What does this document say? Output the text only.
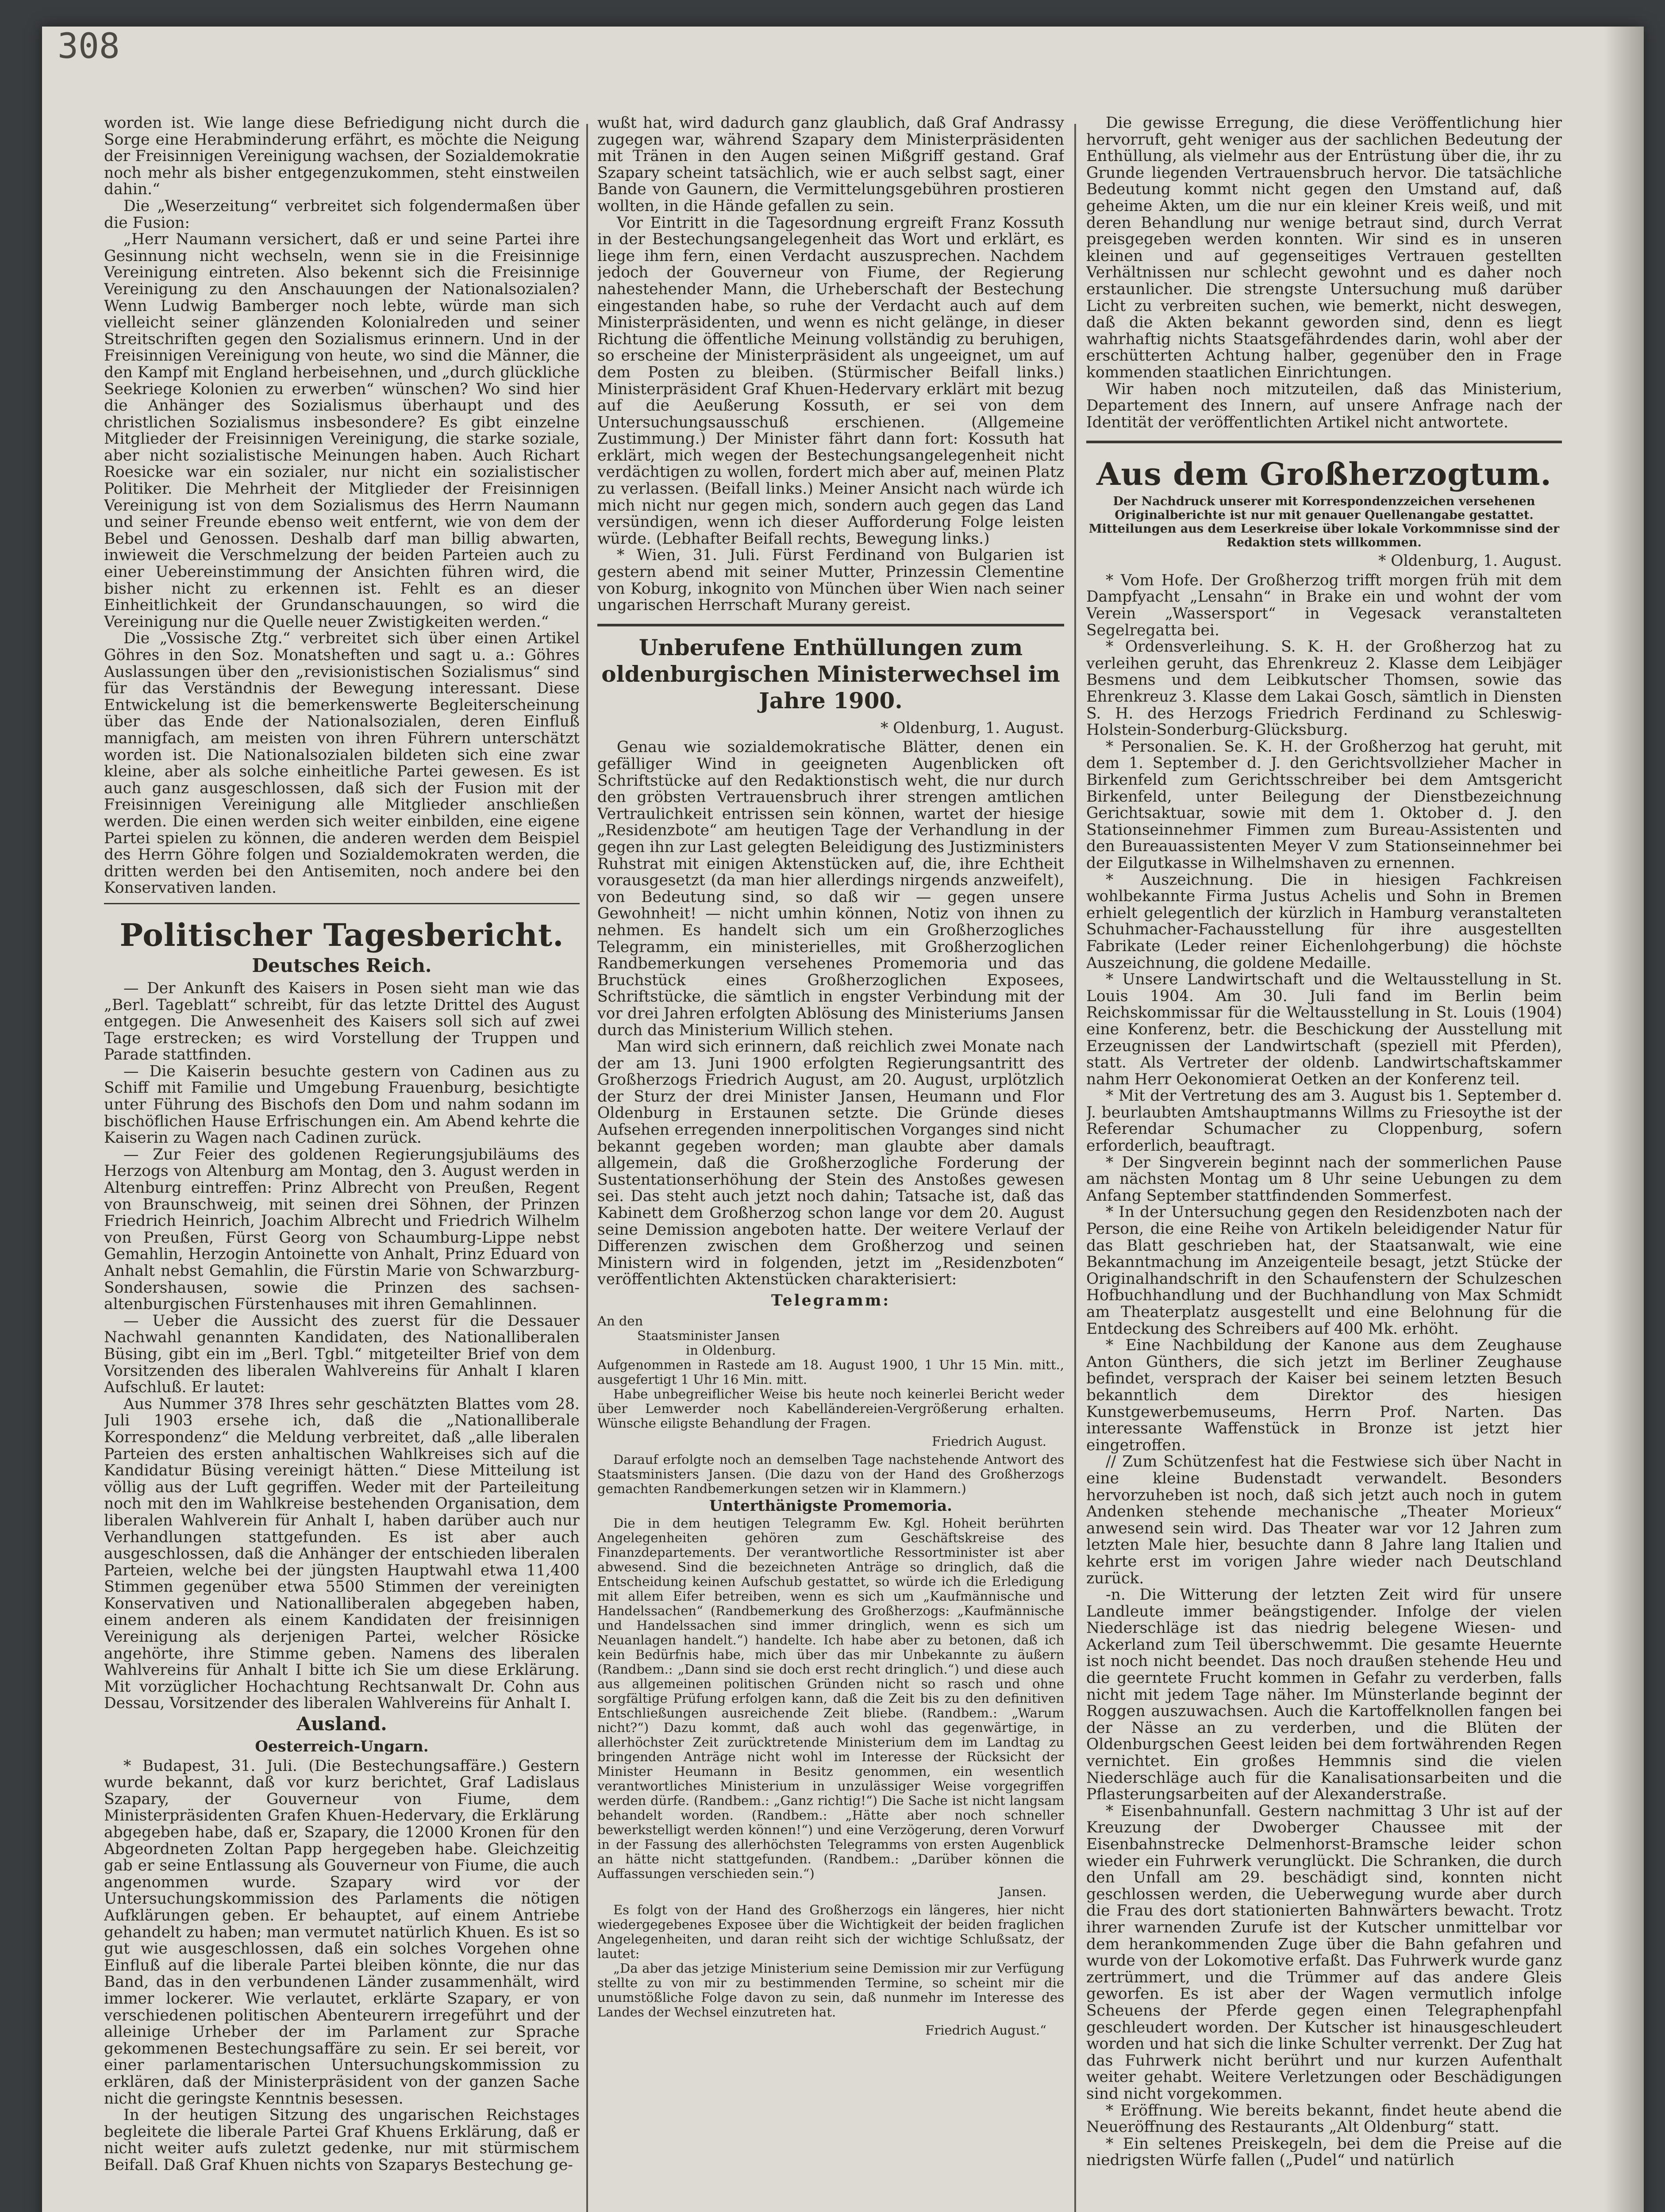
308

worden ist. Wie lange diese Befriedigung nicht durch die Sorge eine Herabminderung erfährt, es möchte die Neigung der Freisinnigen Vereinigung wachsen, der Sozialdemokratie noch mehr als bisher entgegenzukommen, steht einstweilen dahin.“

Die „Weserzeitung“ verbreitet sich folgendermaßen über die Fusion:

„Herr Naumann versichert, daß er und seine Partei ihre Gesinnung nicht wechseln, wenn sie in die Freisinnige Vereinigung eintreten. Also bekennt sich die Freisinnige Vereinigung zu den Anschauungen der Nationalsozialen? Wenn Ludwig Bamberger noch lebte, würde man sich vielleicht seiner glänzenden Kolonialreden und seiner Streitschriften gegen den Sozialismus erinnern. Und in der Freisinnigen Vereinigung von heute, wo sind die Männer, die den Kampf mit England herbeisehnen, und „durch glückliche Seekriege Kolonien zu erwerben“ wünschen? Wo sind hier die Anhänger des Sozialismus überhaupt und des christlichen Sozialismus insbesondere? Es gibt einzelne Mitglieder der Freisinnigen Vereinigung, die starke soziale, aber nicht sozialistische Meinungen haben. Auch Richart Roesicke war ein sozialer, nur nicht ein sozialistischer Politiker. Die Mehrheit der Mitglieder der Freisinnigen Vereinigung ist von dem Sozialismus des Herrn Naumann und seiner Freunde ebenso weit entfernt, wie von dem der Bebel und Genossen. Deshalb darf man billig abwarten, inwieweit die Verschmelzung der beiden Parteien auch zu einer Uebereinstimmung der Ansichten führen wird, die bisher nicht zu erkennen ist. Fehlt es an dieser Einheitlichkeit der Grundanschauungen, so wird die Vereinigung nur die Quelle neuer Zwistigkeiten werden.“

Die „Vossische Ztg.“ verbreitet sich über einen Artikel Göhres in den Soz. Monatsheften und sagt u. a.: Göhres Auslassungen über den „revisionistischen Sozialismus“ sind für das Verständnis der Bewegung interessant. Diese Entwickelung ist die bemerkenswerte Begleiterscheinung über das Ende der Nationalsozialen, deren Einfluß mannigfach, am meisten von ihren Führern unterschätzt worden ist. Die Nationalsozialen bildeten sich eine zwar kleine, aber als solche einheitliche Partei gewesen. Es ist auch ganz ausgeschlossen, daß sich der Fusion mit der Freisinnigen Vereinigung alle Mitglieder anschließen werden. Die einen werden sich weiter einbilden, eine eigene Partei spielen zu können, die anderen werden dem Beispiel des Herrn Göhre folgen und Sozialdemokraten werden, die dritten werden bei den Antisemiten, noch andere bei den Konservativen landen.

Politischer Tagesbericht.
Deutsches Reich.

— Der Ankunft des Kaisers in Posen sieht man wie das „Berl. Tageblatt“ schreibt, für das letzte Drittel des August entgegen. Die Anwesenheit des Kaisers soll sich auf zwei Tage erstrecken; es wird Vorstellung der Truppen und Parade stattfinden.

— Die Kaiserin besuchte gestern von Cadinen aus zu Schiff mit Familie und Umgebung Frauenburg, besichtigte unter Führung des Bischofs den Dom und nahm sodann im bischöflichen Hause Erfrischungen ein. Am Abend kehrte die Kaiserin zu Wagen nach Cadinen zurück.

— Zur Feier des goldenen Regierungsjubiläums des Herzogs von Altenburg am Montag, den 3. August werden in Altenburg eintreffen: Prinz Albrecht von Preußen, Regent von Braunschweig, mit seinen drei Söhnen, der Prinzen Friedrich Heinrich, Joachim Albrecht und Friedrich Wilhelm von Preußen, Fürst Georg von Schaumburg-Lippe nebst Gemahlin, Herzogin Antoinette von Anhalt, Prinz Eduard von Anhalt nebst Gemahlin, die Fürstin Marie von Schwarzburg-Sondershausen, sowie die Prinzen des sachsen-altenburgischen Fürstenhauses mit ihren Gemahlinnen.

— Ueber die Aussicht des zuerst für die Dessauer Nachwahl genannten Kandidaten, des Nationalliberalen Büsing, gibt ein im „Berl. Tgbl.“ mitgeteilter Brief von dem Vorsitzenden des liberalen Wahlvereins für Anhalt I klaren Aufschluß. Er lautet:

Aus Nummer 378 Ihres sehr geschätzten Blattes vom 28. Juli 1903 ersehe ich, daß die „Nationalliberale Korrespondenz“ die Meldung verbreitet, daß „alle liberalen Parteien des ersten anhaltischen Wahlkreises sich auf die Kandidatur Büsing vereinigt hätten.“ Diese Mitteilung ist völlig aus der Luft gegriffen. Weder mit der Parteileitung noch mit den im Wahlkreise bestehenden Organisation, dem liberalen Wahlverein für Anhalt I, haben darüber auch nur Verhandlungen stattgefunden. Es ist aber auch ausgeschlossen, daß die Anhänger der entschieden liberalen Parteien, welche bei der jüngsten Hauptwahl etwa 11,400 Stimmen gegenüber etwa 5500 Stimmen der vereinigten Konservativen und Nationalliberalen abgegeben haben, einem anderen als einem Kandidaten der freisinnigen Vereinigung als derjenigen Partei, welcher Rösicke angehörte, ihre Stimme geben. Namens des liberalen Wahlvereins für Anhalt I bitte ich Sie um diese Erklärung. Mit vorzüglicher Hochachtung Rechtsanwalt Dr. Cohn aus Dessau, Vorsitzender des liberalen Wahlvereins für Anhalt I.

Ausland.
Oesterreich-Ungarn.

* Budapest, 31. Juli. (Die Bestechungsaffäre.) Gestern wurde bekannt, daß vor kurz berichtet, Graf Ladislaus Szapary, der Gouverneur von Fiume, dem Ministerpräsidenten Grafen Khuen-Hedervary, die Erklärung abgegeben habe, daß er, Szapary, die 12000 Kronen für den Abgeordneten Zoltan Papp hergegeben habe. Gleichzeitig gab er seine Entlassung als Gouverneur von Fiume, die auch angenommen wurde. Szapary wird vor der Untersuchungskommission des Parlaments die nötigen Aufklärungen geben. Er behauptet, auf einem Antriebe gehandelt zu haben; man vermutet natürlich Khuen. Es ist so gut wie ausgeschlossen, daß ein solches Vorgehen ohne Einfluß auf die liberale Partei bleiben könnte, die nur das Band, das in den verbundenen Länder zusammenhält, wird immer lockerer. Wie verlautet, erklärte Szapary, er von verschiedenen politischen Abenteurern irregeführt und der alleinige Urheber der im Parlament zur Sprache gekommenen Bestechungsaffäre zu sein. Er sei bereit, vor einer parlamentarischen Untersuchungskommission zu erklären, daß der Ministerpräsident von der ganzen Sache nicht die geringste Kenntnis besessen.

In der heutigen Sitzung des ungarischen Reichstages begleitete die liberale Partei Graf Khuens Erklärung, daß er nicht weiter aufs zuletzt gedenke, nur mit stürmischem Beifall. Daß Graf Khuen nichts von Szaparys Bestechung ge-

wußt hat, wird dadurch ganz glaublich, daß Graf Andrassy zugegen war, während Szapary dem Ministerpräsidenten mit Tränen in den Augen seinen Mißgriff gestand. Graf Szapary scheint tatsächlich, wie er auch selbst sagt, einer Bande von Gaunern, die Vermittelungsgebühren prostieren wollten, in die Hände gefallen zu sein.

Vor Eintritt in die Tagesordnung ergreift Franz Kossuth in der Bestechungsangelegenheit das Wort und erklärt, es liege ihm fern, einen Verdacht auszusprechen. Nachdem jedoch der Gouverneur von Fiume, der Regierung nahestehender Mann, die Urheberschaft der Bestechung eingestanden habe, so ruhe der Verdacht auch auf dem Ministerpräsidenten, und wenn es nicht gelänge, in dieser Richtung die öffentliche Meinung vollständig zu beruhigen, so erscheine der Ministerpräsident als ungeeignet, um auf dem Posten zu bleiben. (Stürmischer Beifall links.) Ministerpräsident Graf Khuen-Hedervary erklärt mit bezug auf die Aeußerung Kossuth, er sei von dem Untersuchungsausschuß erschienen. (Allgemeine Zustimmung.) Der Minister fährt dann fort: Kossuth hat erklärt, mich wegen der Bestechungsangelegenheit nicht verdächtigen zu wollen, fordert mich aber auf, meinen Platz zu verlassen. (Beifall links.) Meiner Ansicht nach würde ich mich nicht nur gegen mich, sondern auch gegen das Land versündigen, wenn ich dieser Aufforderung Folge leisten würde. (Lebhafter Beifall rechts, Bewegung links.)

* Wien, 31. Juli. Fürst Ferdinand von Bulgarien ist gestern abend mit seiner Mutter, Prinzessin Clementine von Koburg, inkognito von München über Wien nach seiner ungarischen Herrschaft Murany gereist.

Unberufene Enthüllungen zum oldenburgischen Ministerwechsel im Jahre 1900.
* Oldenburg, 1. August.

Genau wie sozialdemokratische Blätter, denen ein gefälliger Wind in geeigneten Augenblicken oft Schriftstücke auf den Redaktionstisch weht, die nur durch den gröbsten Vertrauensbruch ihrer strengen amtlichen Vertraulichkeit entrissen sein können, wartet der hiesige „Residenzbote“ am heutigen Tage der Verhandlung in der gegen ihn zur Last gelegten Beleidigung des Justizministers Ruhstrat mit einigen Aktenstücken auf, die, ihre Echtheit vorausgesetzt (da man hier allerdings nirgends anzweifelt), von Bedeutung sind, so daß wir — gegen unsere Gewohnheit! — nicht umhin können, Notiz von ihnen zu nehmen. Es handelt sich um ein Großherzogliches Telegramm, ein ministerielles, mit Großherzoglichen Randbemerkungen versehenes Promemoria und das Bruchstück eines Großherzoglichen Exposees, Schriftstücke, die sämtlich in engster Verbindung mit der vor drei Jahren erfolgten Ablösung des Ministeriums Jansen durch das Ministerium Willich stehen.

Man wird sich erinnern, daß reichlich zwei Monate nach der am 13. Juni 1900 erfolgten Regierungsantritt des Großherzogs Friedrich August, am 20. August, urplötzlich der Sturz der drei Minister Jansen, Heumann und Flor Oldenburg in Erstaunen setzte. Die Gründe dieses Aufsehen erregenden innerpolitischen Vorganges sind nicht bekannt gegeben worden; man glaubte aber damals allgemein, daß die Großherzogliche Forderung der Sustentationserhöhung der Stein des Anstoßes gewesen sei. Das steht auch jetzt noch dahin; Tatsache ist, daß das Kabinett dem Großherzog schon lange vor dem 20. August seine Demission angeboten hatte. Der weitere Verlauf der Differenzen zwischen dem Großherzog und seinen Ministern wird in folgenden, jetzt im „Residenzboten“ veröffentlichten Aktenstücken charakterisiert:

Telegramm:

An den

Staatsminister Jansen

in Oldenburg.

Aufgenommen in Rastede am 18. August 1900, 1 Uhr 15 Min. mitt., ausgefertigt 1 Uhr 16 Min. mitt.

Habe unbegreiflicher Weise bis heute noch keinerlei Bericht weder über Lemwerder noch Kabelländereien-Vergrößerung erhalten. Wünsche eiligste Behandlung der Fragen.

Friedrich August.

Darauf erfolgte noch an demselben Tage nachstehende Antwort des Staatsministers Jansen. (Die dazu von der Hand des Großherzogs gemachten Randbemerkungen setzen wir in Klammern.)

Unterthänigste Promemoria.

Die in dem heutigen Telegramm Ew. Kgl. Hoheit berührten Angelegenheiten gehören zum Geschäftskreise des Finanzdepartements. Der verantwortliche Ressortminister ist aber abwesend. Sind die bezeichneten Anträge so dringlich, daß die Entscheidung keinen Aufschub gestattet, so würde ich die Erledigung mit allem Eifer betreiben, wenn es sich um „Kaufmännische und Handelssachen“ (Randbemerkung des Großherzogs: „Kaufmännische und Handelssachen sind immer dringlich, wenn es sich um Neuanlagen handelt.“) handelte. Ich habe aber zu betonen, daß ich kein Bedürfnis habe, mich über das mir Unbekannte zu äußern (Randbem.: „Dann sind sie doch erst recht dringlich.“) und diese auch aus allgemeinen politischen Gründen nicht so rasch und ohne sorgfältige Prüfung erfolgen kann, daß die Zeit bis zu den definitiven Entschließungen ausreichende Zeit bliebe. (Randbem.: „Warum nicht?“) Dazu kommt, daß auch wohl das gegenwärtige, in allerhöchster Zeit zurücktretende Ministerium dem im Landtag zu bringenden Anträge nicht wohl im Interesse der Rücksicht der Minister Heumann in Besitz genommen, ein wesentlich verantwortliches Ministerium in unzulässiger Weise vorgegriffen werden dürfe. (Randbem.: „Ganz richtig!“) Die Sache ist nicht langsam behandelt worden. (Randbem.: „Hätte aber noch schneller bewerkstelligt werden können!“) und eine Verzögerung, deren Vorwurf in der Fassung des allerhöchsten Telegramms von ersten Augenblick an hätte nicht stattgefunden. (Randbem.: „Darüber können die Auffassungen verschieden sein.“)

Jansen.

Es folgt von der Hand des Großherzogs ein längeres, hier nicht wiedergegebenes Exposee über die Wichtigkeit der beiden fraglichen Angelegenheiten, und daran reiht sich der wichtige Schlußsatz, der lautet:

„Da aber das jetzige Ministerium seine Demission mir zur Verfügung stellte zu von mir zu bestimmenden Termine, so scheint mir die unumstößliche Folge davon zu sein, daß nunmehr im Interesse des Landes der Wechsel einzutreten hat.

Friedrich August.“

Die gewisse Erregung, die diese Veröffentlichung hier hervorruft, geht weniger aus der sachlichen Bedeutung der Enthüllung, als vielmehr aus der Entrüstung über die, ihr zu Grunde liegenden Vertrauensbruch hervor. Die tatsächliche Bedeutung kommt nicht gegen den Umstand auf, daß geheime Akten, um die nur ein kleiner Kreis weiß, und mit deren Behandlung nur wenige betraut sind, durch Verrat preisgegeben werden konnten. Wir sind es in unseren kleinen und auf gegenseitiges Vertrauen gestellten Verhältnissen nur schlecht gewohnt und es daher noch erstaunlicher. Die strengste Untersuchung muß darüber Licht zu verbreiten suchen, wie bemerkt, nicht deswegen, daß die Akten bekannt geworden sind, denn es liegt wahrhaftig nichts Staatsgefährdendes darin, wohl aber der erschütterten Achtung halber, gegenüber den in Frage kommenden staatlichen Einrichtungen.

Wir haben noch mitzuteilen, daß das Ministerium, Departement des Innern, auf unsere Anfrage nach der Identität der veröffentlichten Artikel nicht antwortete.

Aus dem Großherzogtum.
Der Nachdruck unserer mit Korrespondenzzeichen versehenen Originalberichte ist nur mit genauer Quellenangabe gestattet. Mitteilungen aus dem Leserkreise über lokale Vorkommnisse sind der Redaktion stets willkommen.
* Oldenburg, 1. August.

* Vom Hofe. Der Großherzog trifft morgen früh mit dem Dampfyacht „Lensahn“ in Brake ein und wohnt der vom Verein „Wassersport“ in Vegesack veranstalteten Segelregatta bei.

* Ordensverleihung. S. K. H. der Großherzog hat zu verleihen geruht, das Ehrenkreuz 2. Klasse dem Leibjäger Besmens und dem Leibkutscher Thomsen, sowie das Ehrenkreuz 3. Klasse dem Lakai Gosch, sämtlich in Diensten S. H. des Herzogs Friedrich Ferdinand zu Schleswig-Holstein-Sonderburg-Glücksburg.

* Personalien. Se. K. H. der Großherzog hat geruht, mit dem 1. September d. J. den Gerichtsvollzieher Macher in Birkenfeld zum Gerichtsschreiber bei dem Amtsgericht Birkenfeld, unter Beilegung der Dienstbezeichnung Gerichtsaktuar, sowie mit dem 1. Oktober d. J. den Stationseinnehmer Fimmen zum Bureau-Assistenten und den Bureauassistenten Meyer V zum Stationseinnehmer bei der Eilgutkasse in Wilhelmshaven zu ernennen.

* Auszeichnung. Die in hiesigen Fachkreisen wohlbekannte Firma Justus Achelis und Sohn in Bremen erhielt gelegentlich der kürzlich in Hamburg veranstalteten Schuhmacher-Fachausstellung für ihre ausgestellten Fabrikate (Leder reiner Eichenlohgerbung) die höchste Auszeichnung, die goldene Medaille.

* Unsere Landwirtschaft und die Weltausstellung in St. Louis 1904. Am 30. Juli fand im Berlin beim Reichskommissar für die Weltausstellung in St. Louis (1904) eine Konferenz, betr. die Beschickung der Ausstellung mit Erzeugnissen der Landwirtschaft (speziell mit Pferden), statt. Als Vertreter der oldenb. Landwirtschaftskammer nahm Herr Oekonomierat Oetken an der Konferenz teil.

* Mit der Vertretung des am 3. August bis 1. September d. J. beurlaubten Amtshauptmanns Willms zu Friesoythe ist der Referendar Schumacher zu Cloppenburg, sofern erforderlich, beauftragt.

* Der Singverein beginnt nach der sommerlichen Pause am nächsten Montag um 8 Uhr seine Uebungen zu dem Anfang September stattfindenden Sommerfest.

* In der Untersuchung gegen den Residenzboten nach der Person, die eine Reihe von Artikeln beleidigender Natur für das Blatt geschrieben hat, der Staatsanwalt, wie eine Bekanntmachung im Anzeigenteile besagt, jetzt Stücke der Originalhandschrift in den Schaufenstern der Schulzeschen Hofbuchhandlung und der Buchhandlung von Max Schmidt am Theaterplatz ausgestellt und eine Belohnung für die Entdeckung des Schreibers auf 400 Mk. erhöht.

* Eine Nachbildung der Kanone aus dem Zeughause Anton Günthers, die sich jetzt im Berliner Zeughause befindet, versprach der Kaiser bei seinem letzten Besuch bekanntlich dem Direktor des hiesigen Kunstgewerbemuseums, Herrn Prof. Narten. Das interessante Waffenstück in Bronze ist jetzt hier eingetroffen.

// Zum Schützenfest hat die Festwiese sich über Nacht in eine kleine Budenstadt verwandelt. Besonders hervorzuheben ist noch, daß sich jetzt auch noch in gutem Andenken stehende mechanische „Theater Morieux“ anwesend sein wird. Das Theater war vor 12 Jahren zum letzten Male hier, besuchte dann 8 Jahre lang Italien und kehrte erst im vorigen Jahre wieder nach Deutschland zurück.

-n. Die Witterung der letzten Zeit wird für unsere Landleute immer beängstigender. Infolge der vielen Niederschläge ist das niedrig belegene Wiesen- und Ackerland zum Teil überschwemmt. Die gesamte Heuernte ist noch nicht beendet. Das noch draußen stehende Heu und die geerntete Frucht kommen in Gefahr zu verderben, falls nicht mit jedem Tage näher. Im Münsterlande beginnt der Roggen auszuwachsen. Auch die Kartoffelknollen fangen bei der Nässe an zu verderben, und die Blüten der Oldenburgschen Geest leiden bei dem fortwährenden Regen vernichtet. Ein großes Hemmnis sind die vielen Niederschläge auch für die Kanalisationsarbeiten und die Pflasterungsarbeiten auf der Alexanderstraße.

* Eisenbahnunfall. Gestern nachmittag 3 Uhr ist auf der Kreuzung der Dwoberger Chaussee mit der Eisenbahnstrecke Delmenhorst-Bramsche leider schon wieder ein Fuhrwerk verunglückt. Die Schranken, die durch den Unfall am 29. beschädigt sind, konnten nicht geschlossen werden, die Ueberwegung wurde aber durch die Frau des dort stationierten Bahnwärters bewacht. Trotz ihrer warnenden Zurufe ist der Kutscher unmittelbar vor dem herankommenden Zuge über die Bahn gefahren und wurde von der Lokomotive erfaßt. Das Fuhrwerk wurde ganz zertrümmert, und die Trümmer auf das andere Gleis geworfen. Es ist aber der Wagen vermutlich infolge Scheuens der Pferde gegen einen Telegraphenpfahl geschleudert worden. Der Kutscher ist hinausgeschleudert worden und hat sich die linke Schulter verrenkt. Der Zug hat das Fuhrwerk nicht berührt und nur kurzen Aufenthalt weiter gehabt. Weitere Verletzungen oder Beschädigungen sind nicht vorgekommen.

* Eröffnung. Wie bereits bekannt, findet heute abend die Neueröffnung des Restaurants „Alt Oldenburg“ statt.

* Ein seltenes Preiskegeln, bei dem die Preise auf die niedrigsten Würfe fallen („Pudel“ und natürlich
